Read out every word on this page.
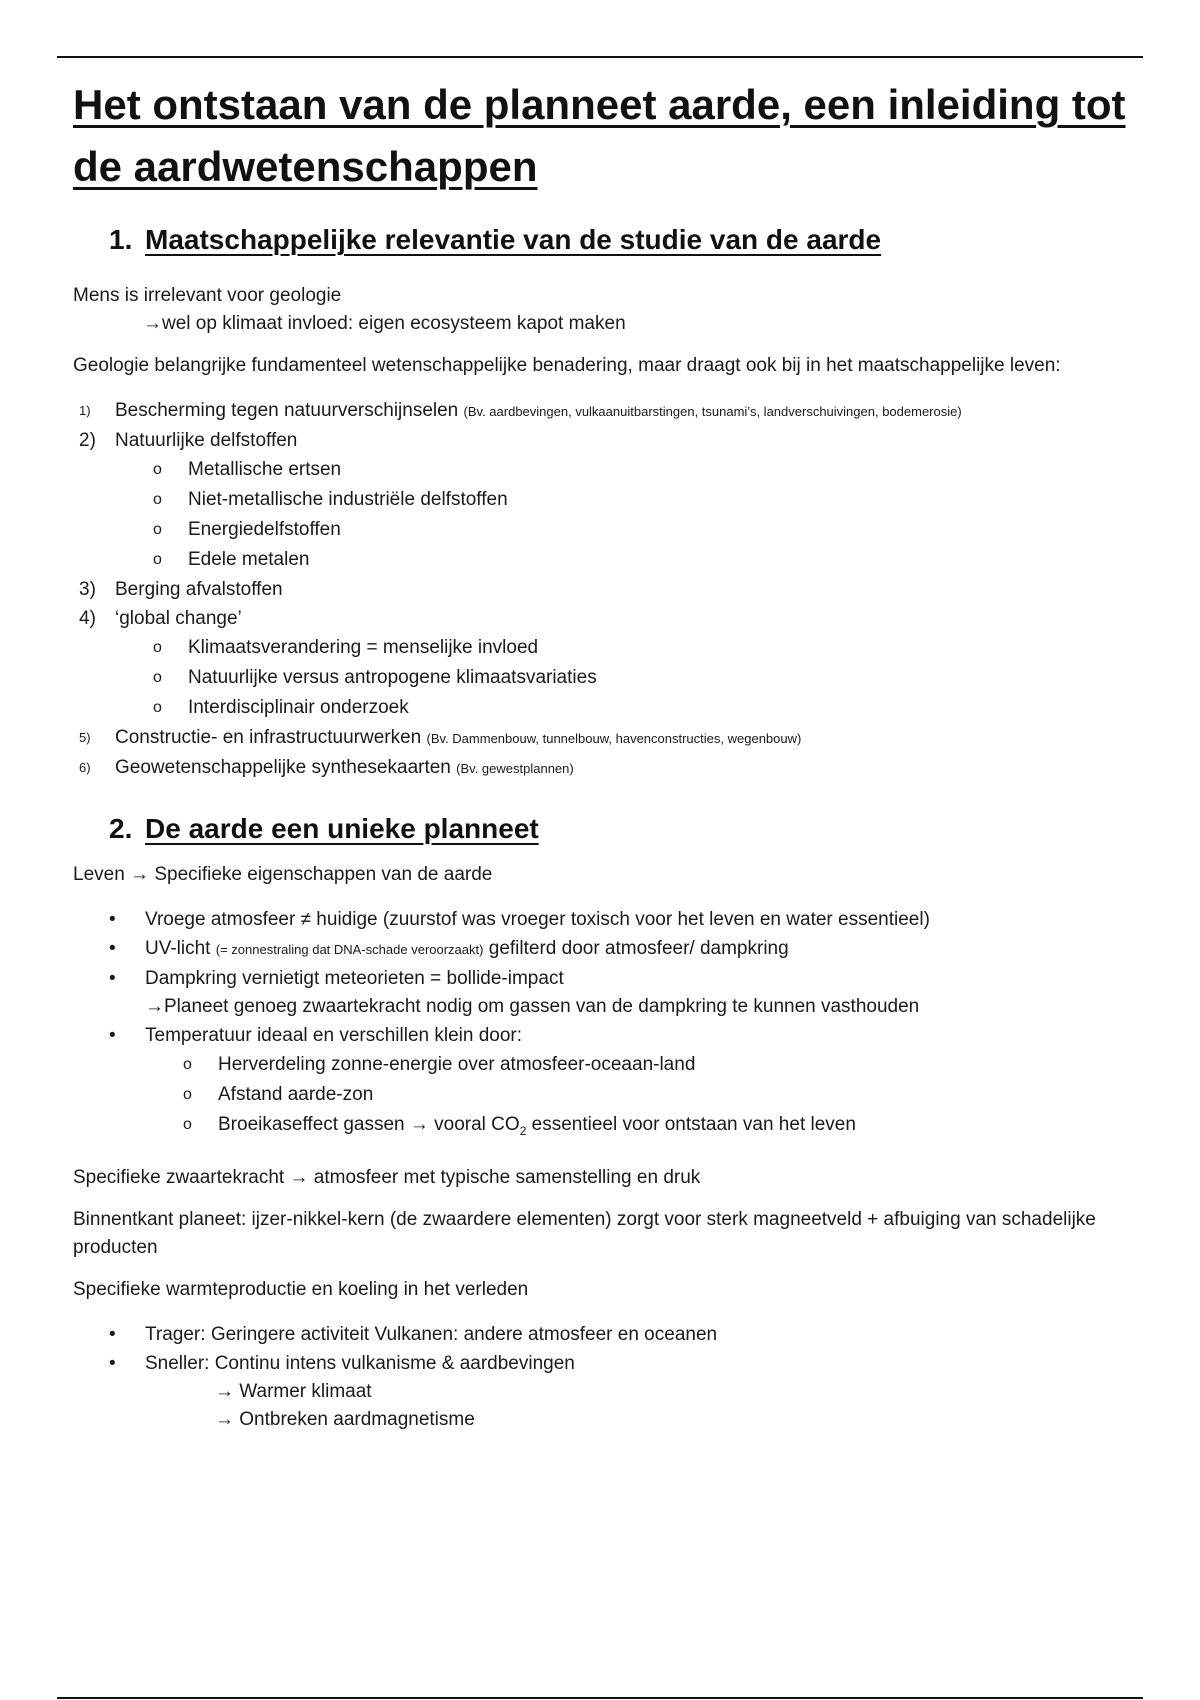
Het ontstaan van de planneet aarde, een inleiding tot de aardwetenschappen
1. Maatschappelijke relevantie van de studie van de aarde

Mens is irrelevant voor geologie

→wel op klimaat invloed: eigen ecosysteem kapot maken

Geologie belangrijke fundamenteel wetenschappelijke benadering, maar draagt ook bij in het maatschappelijke leven:

1) Bescherming tegen natuurverschijnselen (Bv. aardbevingen, vulkaanuitbarstingen, tsunami’s, landverschuivingen, bodemerosie)
2) Natuurlijke delfstoffen
o Metallische ertsen
o Niet-metallische industriële delfstoffen
o Energiedelfstoffen
o Edele metalen
3) Berging afvalstoffen
4) ‘global change’
o Klimaatsverandering = menselijke invloed
o Natuurlijke versus antropogene klimaatsvariaties
o Interdisciplinair onderzoek
5) Constructie- en infrastructuurwerken (Bv. Dammenbouw, tunnelbouw, havenconstructies, wegenbouw)
6) Geowetenschappelijke synthesekaarten (Bv. gewestplannen)
2. De aarde een unieke planneet

Leven → Specifieke eigenschappen van de aarde

• Vroege atmosfeer ≠ huidige (zuurstof was vroeger toxisch voor het leven en water essentieel)
• UV-licht (= zonnestraling dat DNA-schade veroorzaakt) gefilterd door atmosfeer/ dampkring
• Dampkring vernietigt meteorieten = bollide-impact
→Planeet genoeg zwaartekracht nodig om gassen van de dampkring te kunnen vasthouden
• Temperatuur ideaal en verschillen klein door:
o Herverdeling zonne-energie over atmosfeer-oceaan-land
o Afstand aarde-zon
o Broeikaseffect gassen → vooral $CO_2$ essentieel voor ontstaan van het leven

Specifieke zwaartekracht → atmosfeer met typische samenstelling en druk

Binnentkant planeet: ijzer-nikkel-kern (de zwaardere elementen) zorgt voor sterk magneetveld + afbuiging van schadelijke producten

Specifieke warmteproductie en koeling in het verleden

• Trager: Geringere activiteit Vulkanen: andere atmosfeer en oceanen
• Sneller: Continu intens vulkanisme & aardbevingen
→ Warmer klimaat
→ Ontbreken aardmagnetisme
